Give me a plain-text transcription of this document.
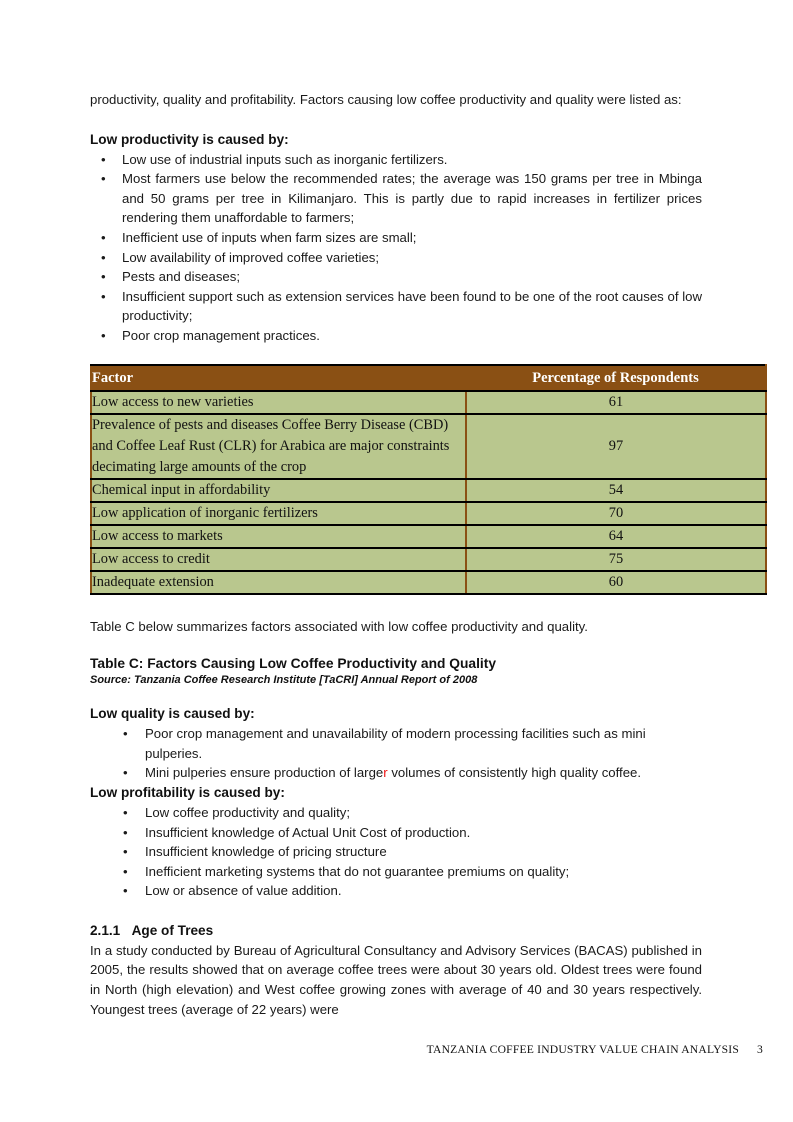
productivity, quality and profitability. Factors causing low coffee productivity and quality were listed as:

Low productivity is caused by:
• Low use of industrial inputs such as inorganic fertilizers.
• Most farmers use below the recommended rates; the average was 150 grams per tree in Mbinga and 50 grams per tree in Kilimanjaro. This is partly due to rapid increases in fertilizer prices rendering them unaffordable to farmers;
• Inefficient use of inputs when farm sizes are small;
• Low availability of improved coffee varieties;
• Pests and diseases;
• Insufficient support such as extension services have been found to be one of the root causes of low productivity;
• Poor crop management practices.
Factor	Percentage of Respondents
Low access to new varieties	61
Prevalence of pests and diseases Coffee Berry Disease (CBD) and Coffee Leaf Rust (CLR) for Arabica are major constraints decimating large amounts of the crop	97
Chemical input in affordability	54
Low application of inorganic fertilizers	70
Low access to markets	64
Low access to credit	75
Inadequate extension	60

Table C below summarizes factors associated with low coffee productivity and quality.

Table C: Factors Causing Low Coffee Productivity and Quality
Source: Tanzania Coffee Research Institute [TaCRI] Annual Report of 2008
Low quality is caused by:
• Poor crop management and unavailability of modern processing facilities such as mini pulperies.
• Mini pulperies ensure production of larger volumes of consistently high quality coffee.
Low profitability is caused by:
• Low coffee productivity and quality;
• Insufficient knowledge of Actual Unit Cost of production.
• Insufficient knowledge of pricing structure
• Inefficient marketing systems that do not guarantee premiums on quality;
• Low or absence of value addition.
2.1.1 Age of Trees

In a study conducted by Bureau of Agricultural Consultancy and Advisory Services (BACAS) published in 2005, the results showed that on average coffee trees were about 30 years old. Oldest trees were found in North (high elevation) and West coffee growing zones with average of 40 and 30 years respectively. Youngest trees (average of 22 years) were

TANZANIA COFFEE INDUSTRY VALUE CHAIN ANALYSIS 3
